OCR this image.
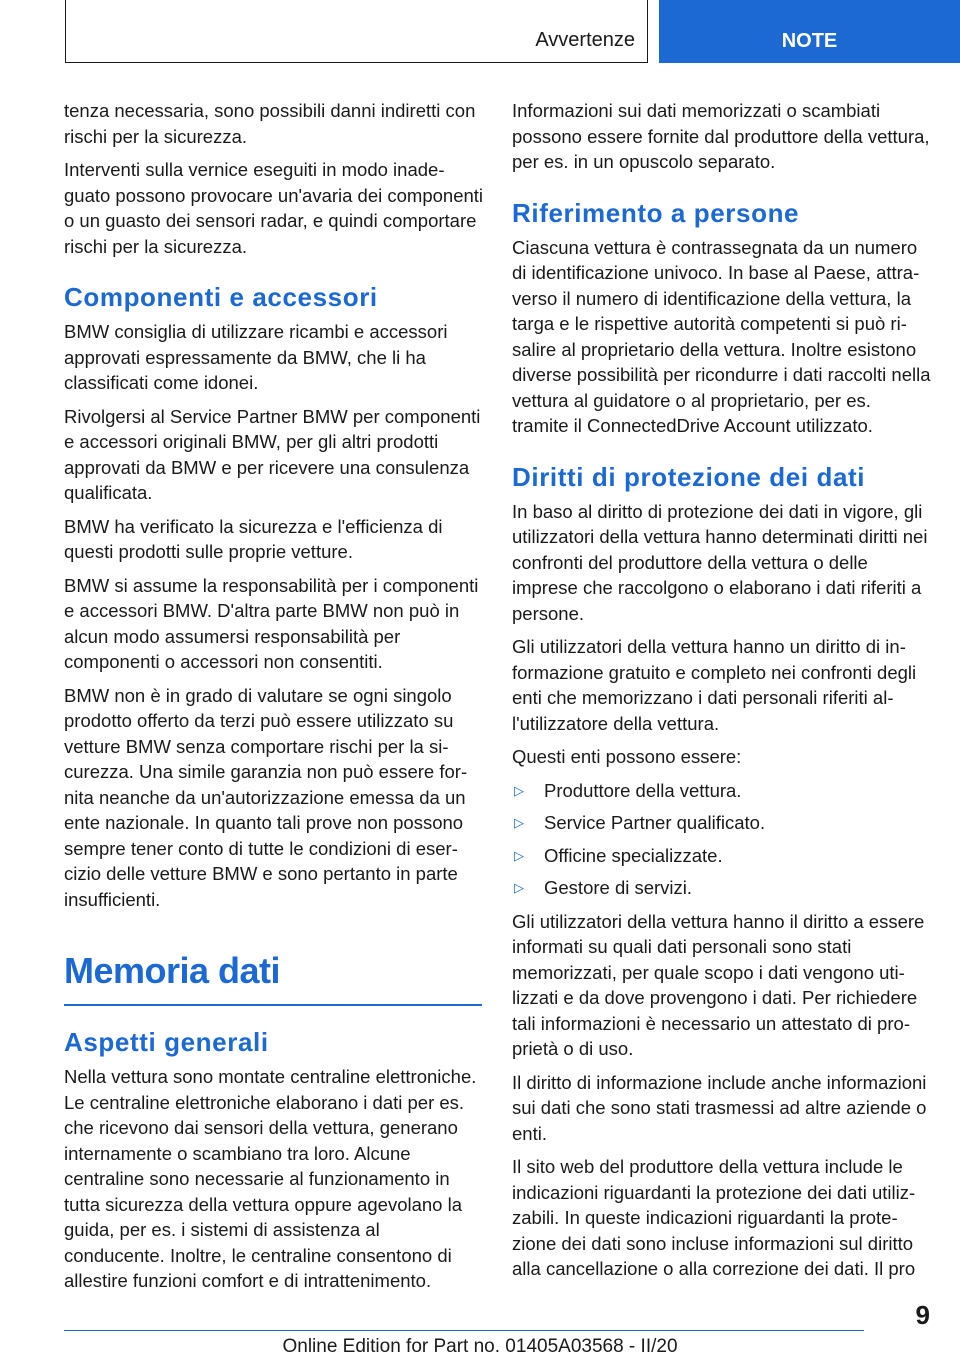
Avvertenze	NOTE

tenza necessaria, sono possibili danni indiretti con rischi per la sicurezza.

Interventi sulla vernice eseguiti in modo inadeguato possono provocare un'avaria dei componenti o un guasto dei sensori radar, e quindi comportare rischi per la sicurezza.

Componenti e accessori

BMW consiglia di utilizzare ricambi e accessori approvati espressamente da BMW, che li ha classificati come idonei.

Rivolgersi al Service Partner BMW per componenti e accessori originali BMW, per gli altri prodotti approvati da BMW e per ricevere una consulenza qualificata.

BMW ha verificato la sicurezza e l'efficienza di questi prodotti sulle proprie vetture.

BMW si assume la responsabilità per i componenti e accessori BMW. D'altra parte BMW non può in alcun modo assumersi responsabilità per componenti o accessori non consentiti.

BMW non è in grado di valutare se ogni singolo prodotto offerto da terzi può essere utilizzato su vetture BMW senza comportare rischi per la sicurezza. Una simile garanzia non può essere fornita neanche da un'autorizzazione emessa da un ente nazionale. In quanto tali prove non possono sempre tener conto di tutte le condizioni di esercizio delle vetture BMW e sono pertanto in parte insufficienti.

Memoria dati
Aspetti generali

Nella vettura sono montate centraline elettroniche. Le centraline elettroniche elaborano i dati per es. che ricevono dai sensori della vettura, generano internamente o scambiano tra loro. Alcune centraline sono necessarie al funzionamento in tutta sicurezza della vettura oppure agevolano la guida, per es. i sistemi di assistenza al conducente. Inoltre, le centraline consentono di allestire funzioni comfort e di intrattenimento.

Informazioni sui dati memorizzati o scambiati possono essere fornite dal produttore della vettura, per es. in un opuscolo separato.

Riferimento a persone

Ciascuna vettura è contrassegnata da un numero di identificazione univoco. In base al Paese, attraverso il numero di identificazione della vettura, la targa e le rispettive autorità competenti si può risalire al proprietario della vettura. Inoltre esistono diverse possibilità per ricondurre i dati raccolti nella vettura al guidatore o al proprietario, per es. tramite il ConnectedDrive Account utilizzato.

Diritti di protezione dei dati

In baso al diritto di protezione dei dati in vigore, gli utilizzatori della vettura hanno determinati diritti nei confronti del produttore della vettura o delle imprese che raccolgono o elaborano i dati riferiti a persone.

Gli utilizzatori della vettura hanno un diritto di informazione gratuito e completo nei confronti degli enti che memorizzano i dati personali riferiti all'utilizzatore della vettura.

Questi enti possono essere:

▷	Produttore della vettura.
▷	Service Partner qualificato.
▷	Officine specializzate.
▷	Gestore di servizi.

Gli utilizzatori della vettura hanno il diritto a essere informati su quali dati personali sono stati memorizzati, per quale scopo i dati vengono utilizzati e da dove provengono i dati. Per richiedere tali informazioni è necessario un attestato di proprietà o di uso.

Il diritto di informazione include anche informazioni sui dati che sono stati trasmessi ad altre aziende o enti.

Il sito web del produttore della vettura include le indicazioni riguardanti la protezione dei dati utilizzabili. In queste indicazioni riguardanti la protezione dei dati sono incluse informazioni sul diritto alla cancellazione o alla correzione dei dati. Il pro

9
Online Edition for Part no. 01405A03568 - II/20
